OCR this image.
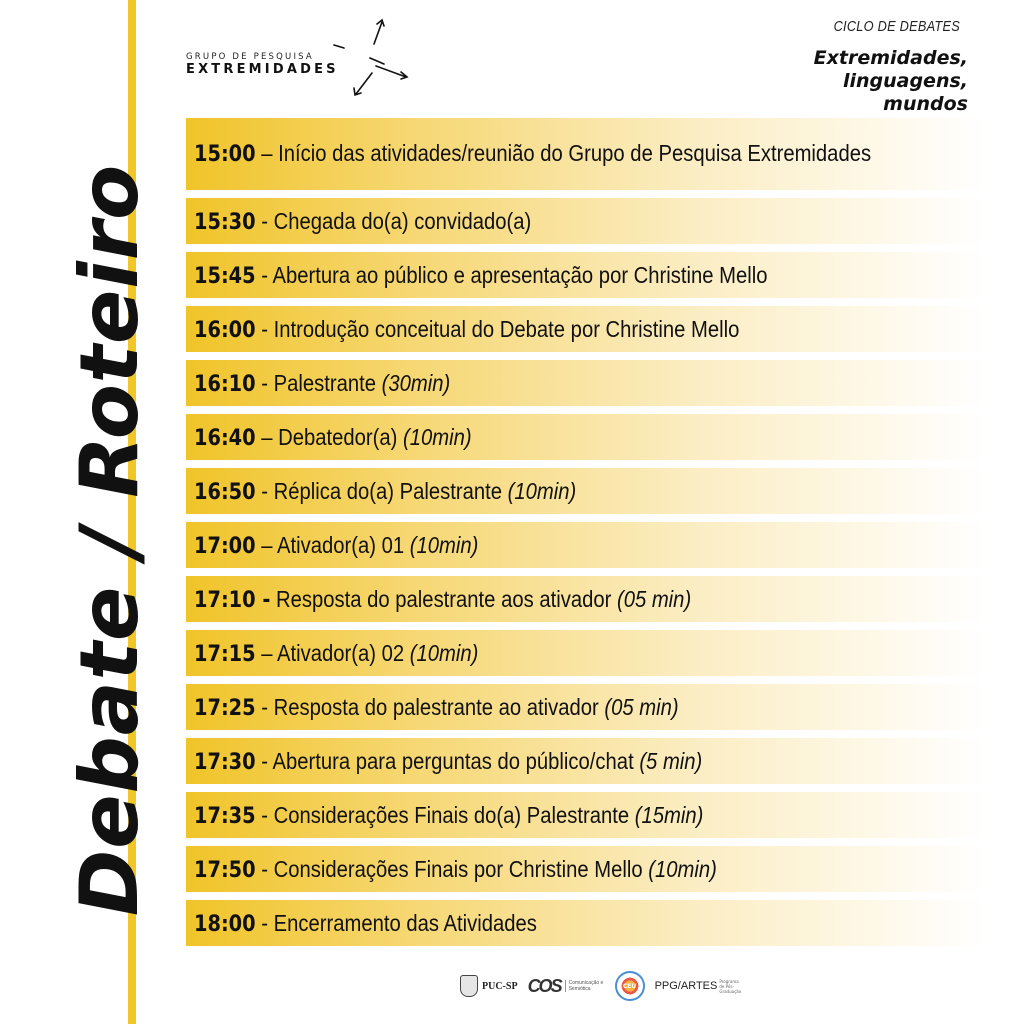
Debate / Roteiro
GRUPO DE PESQUISA
EXTREMIDADES
CICLO DE DEBATES
Extremidades,
linguagens,
mundos
15:00 – Início das atividades/reunião do Grupo de Pesquisa Extremidades
15:30 - Chegada do(a) convidado(a)
15:45 - Abertura ao público e apresentação por Christine Mello
16:00 - Introdução conceitual do Debate por Christine Mello
16:10 - Palestrante (30min)
16:40 – Debatedor(a) (10min)
16:50 - Réplica do(a) Palestrante (10min)
17:00 – Ativador(a) 01 (10min)
17:10 - Resposta do palestrante aos ativador (05 min)
17:15 – Ativador(a) 02 (10min)
17:25 - Resposta do palestrante ao ativador (05 min)
17:30 - Abertura para perguntas do público/chat (5 min)
17:35 - Considerações Finais do(a) Palestrante (15min)
17:50 - Considerações Finais por Christine Mello (10min)
18:00 - Encerramento das Atividades
PUC-SP COS	Comunicação e Semiótica	CEU PPG/ARTES Programa de Pós-Graduação
